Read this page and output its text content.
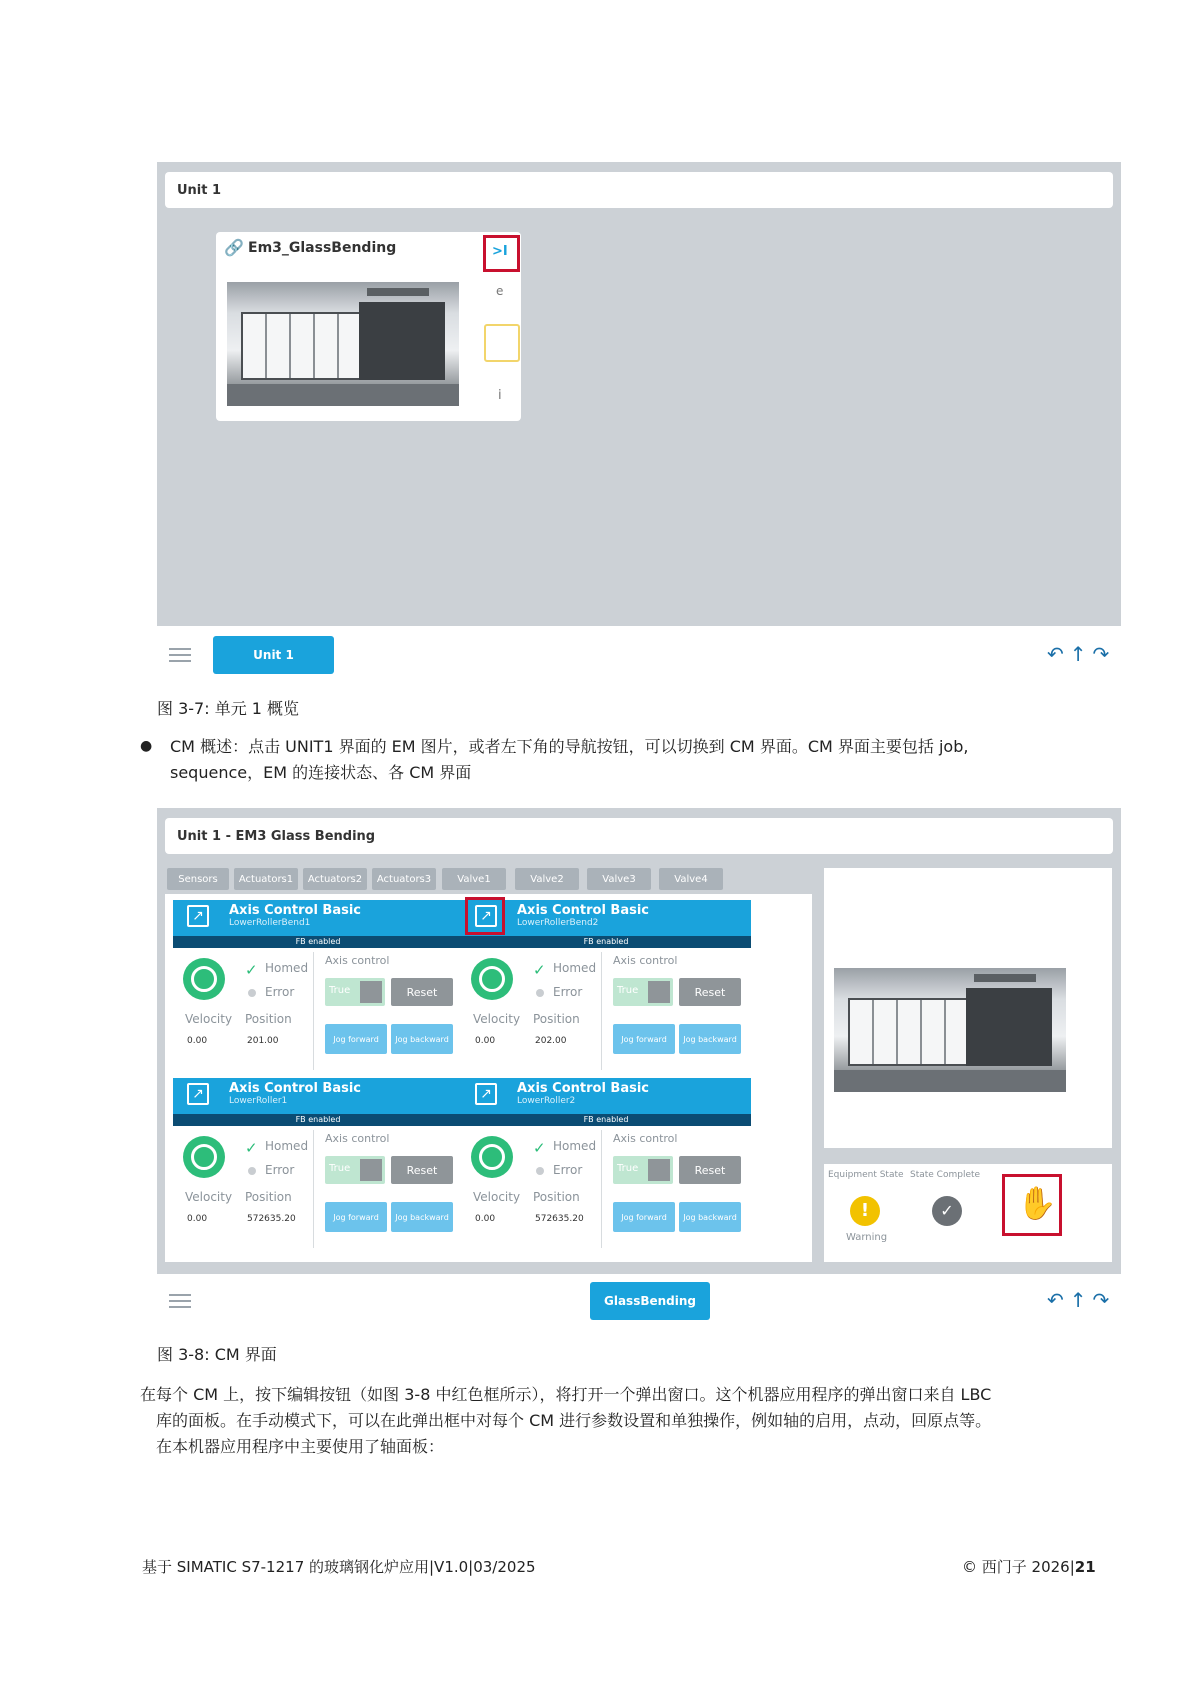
Unit 1
🔗 Em3_GlassBending	>I
e
i
Unit 1	↶↑↷
图 3-7: 单元 1 概览
● CM 概述：点击 UNIT1 界面的 EM 图片，或者左下角的导航按钮，可以切换到 CM 界面。CM 界面主要包括 job,
sequence，EM 的连接状态、各 CM 界面
Unit 1 - EM3 Glass Bending
Sensors	Actuators1	Actuators2	Actuators3	Valve1	Valve2	Valve3	Valve4
↗	Axis Control Basic
LowerRollerBend1
FB enabled
✓ Homed
Error
Velocity Position
0.00	201.00
Axis control
True	Reset
Jog forward	Jog backward
↗	Axis Control Basic
LowerRollerBend2
FB enabled
✓ Homed
Error
Velocity Position
0.00	202.00
Axis control
True	Reset
Jog forward	Jog backward
↗	Axis Control Basic
LowerRoller1
FB enabled
✓ Homed
Error
Velocity Position
0.00	572635.20
Axis control
True	Reset
Jog forward	Jog backward
↗	Axis Control Basic
LowerRoller2
FB enabled
✓ Homed
Error
Velocity Position
0.00	572635.20
Axis control
True	Reset
Jog forward	Jog backward
Equipment State State Complete
!
Warning
✓ ✋
GlassBending	↶↑↷
图 3-8: CM 界面
在每个 CM 上，按下编辑按钮（如图 3-8 中红色框所示），将打开一个弹出窗口。这个机器应用程序的弹出窗口来自 LBC
库的面板。在手动模式下，可以在此弹出框中对每个 CM 进行参数设置和单独操作，例如轴的启用，点动，回原点等。
在本机器应用程序中主要使用了轴面板：
基于 SIMATIC S7-1217 的玻璃钢化炉应用|V1.0|03/2025	© 西门子 2026|21
